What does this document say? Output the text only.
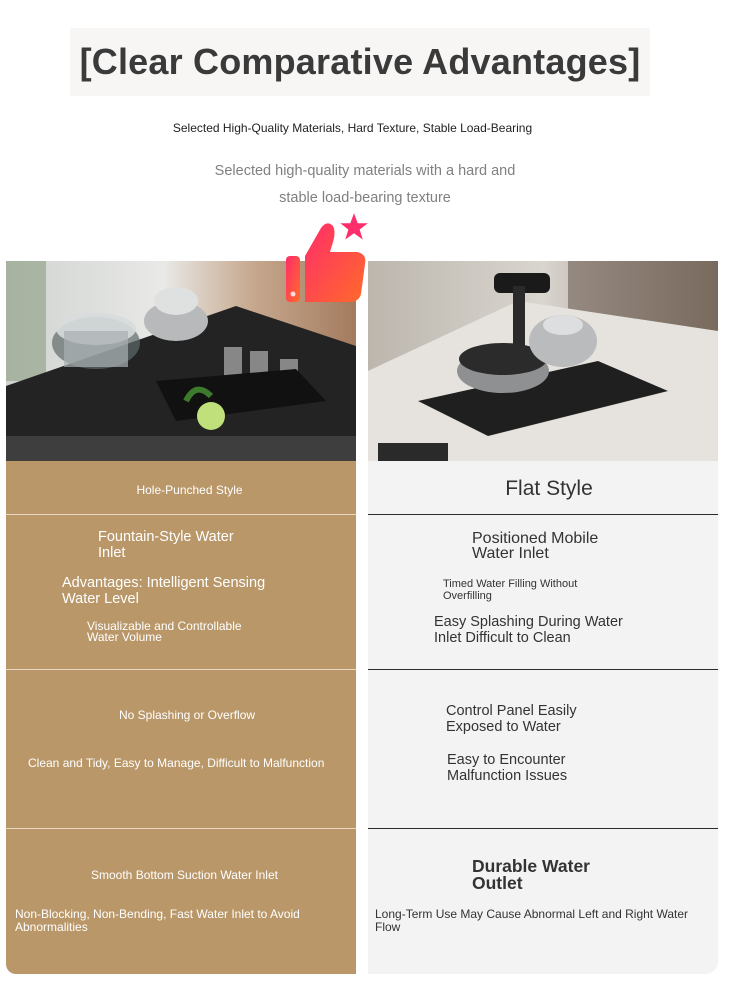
[Clear Comparative Advantages]
Selected High-Quality Materials, Hard Texture, Stable Load-Bearing
Selected high-quality materials with a hard and
stable load-bearing texture
Hole-Punched Style
Fountain-Style Water Inlet
Advantages: Intelligent Sensing Water Level
Visualizable and Controllable Water Volume
No Splashing or Overflow
Clean and Tidy, Easy to Manage, Difficult to Malfunction
Smooth Bottom Suction Water Inlet
Non-Blocking, Non-Bending, Fast Water Inlet to Avoid Abnormalities
Flat Style
Positioned Mobile Water Inlet
Timed Water Filling Without Overfilling
Easy Splashing During Water Inlet Difficult to Clean
Control Panel Easily Exposed to Water
Easy to Encounter Malfunction Issues
Durable Water Outlet
Long-Term Use May Cause Abnormal Left and Right Water Flow
